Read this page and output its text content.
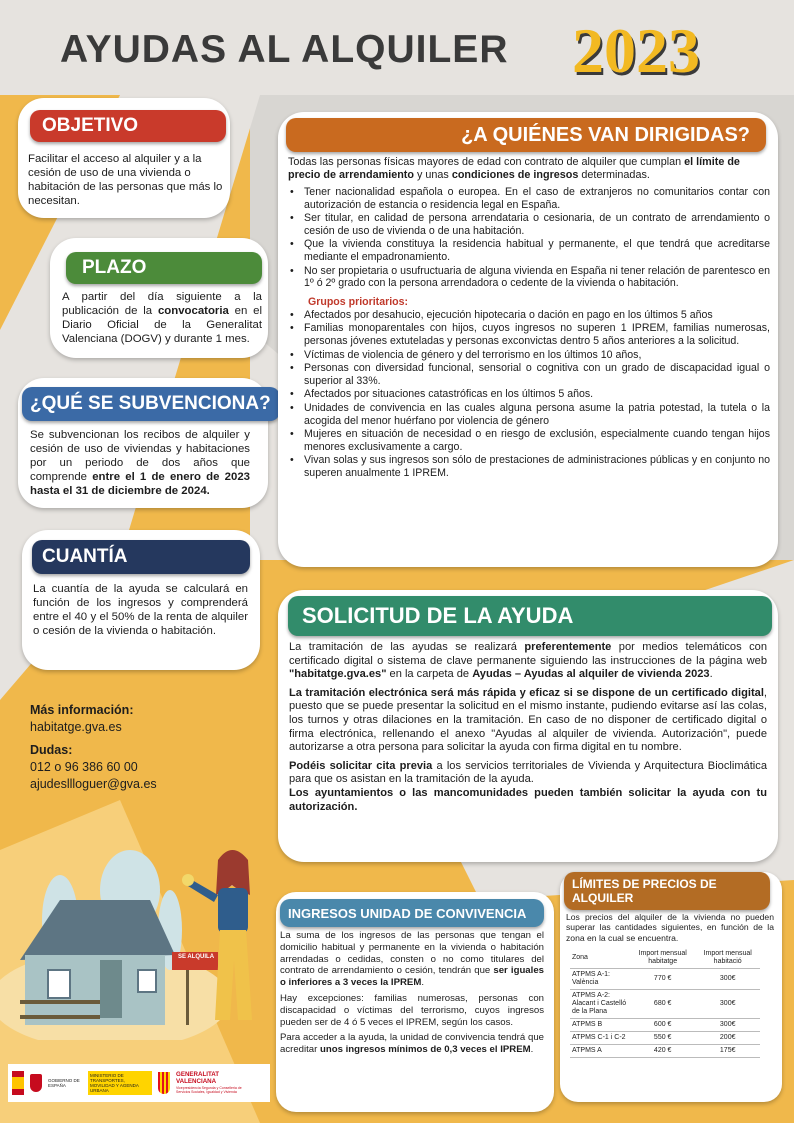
AYUDAS AL ALQUILER 2023
OBJETIVO
Facilitar el acceso al alquiler y a la cesión de uso de una vivienda o habitación de las personas que más lo necesitan.
PLAZO
A partir del día siguiente a la publicación de la convocatoria en el Diario Oficial de la Generalitat Valenciana (DOGV) y durante 1 mes.
¿QUÉ SE SUBVENCIONA?
Se subvencionan los recibos de alquiler y cesión de uso de viviendas y habitaciones por un periodo de dos años que comprende entre el 1 de enero de 2023 hasta el 31 de diciembre de 2024.
CUANTÍA
La cuantía de la ayuda se calculará en función de los ingresos y comprenderá entre el 40 y el 50% de la renta de alquiler o cesión de la vivienda o habitación.
Más información:
habitatge.gva.es
Dudas:
012 o 96 386 60 00
ajudesllloguer@gva.es
¿A QUIÉNES VAN DIRIGIDAS?
Todas las personas físicas mayores de edad con contrato de alquiler que cumplan el límite de precio de arrendamiento y unas condiciones de ingresos determinadas.
• Tener nacionalidad española o europea. En el caso de extranjeros no comunitarios contar con autorización de estancia o residencia legal en España.
• Ser titular, en calidad de persona arrendataria o cesionaria, de un contrato de arrendamiento o cesión de uso de vivienda o de una habitación.
• Que la vivienda constituya la residencia habitual y permanente, el que tendrá que acreditarse mediante el empadronamiento.
• No ser propietaria o usufructuaria de alguna vivienda en España ni tener relación de parentesco en 1º ó 2º grado con la persona arrendadora o cedente de la vivienda o habitación.
Grupos prioritarios:
• Afectados por desahucio, ejecución hipotecaria o dación en pago en los últimos 5 años
• Familias monoparentales con hijos, cuyos ingresos no superen 1 IPREM, familias numerosas, personas jóvenes extuteladas y personas exconvictas dentro 5 años anteriores a la solicitud.
• Víctimas de violencia de género y del terrorismo en los últimos 10 años,
• Personas con diversidad funcional, sensorial o cognitiva con un grado de discapacidad igual o superior al 33%.
• Afectados por situaciones catastróficas en los últimos 5 años.
• Unidades de convivencia en las cuales alguna persona asume la patria potestad, la tutela o la acogida del menor huérfano por violencia de género
• Mujeres en situación de necesidad o en riesgo de exclusión, especialmente cuando tengan hijos menores exclusivamente a cargo.
• Vivan solas y sus ingresos son sólo de prestaciones de administraciones públicas y en conjunto no superen anualmente 1 IPREM.
SOLICITUD DE LA AYUDA

La tramitación de las ayudas se realizará preferentemente por medios telemáticos con certificado digital o sistema de clave permanente siguiendo las instrucciones de la página web "habitatge.gva.es" en la carpeta de Ayudas – Ayudas al alquiler de vivienda 2023.

La tramitación electrónica será más rápida y eficaz si se dispone de un certificado digital, puesto que se puede presentar la solicitud en el mismo instante, pudiendo evitarse así las colas, los turnos y otras dilaciones en la tramitación. En caso de no disponer de certificado digital o firma electrónica, rellenando el anexo "Ayudas al alquiler de vivienda. Autorización", puede autorizarse a otra persona para solicitar la ayuda con firma digital en tu nombre.

Podéis solicitar cita previa a los servicios territoriales de Vivienda y Arquitectura Bioclimática para que os asistan en la tramitación de la ayuda.

Los ayuntamientos o las mancomunidades pueden también solicitar la ayuda con tu autorización.

SE ALQUILA
INGRESOS UNIDAD DE CONVIVENCIA

La suma de los ingresos de las personas que tengan el domicilio habitual y permanente en la vivienda o habitación arrendadas o cedidas, consten o no como titulares del contrato de arrendamiento o cesión, tendrán que ser iguales o inferiores a 3 veces la IPREM.

Hay excepciones: familias numerosas, personas con discapacidad o víctimas del terrorismo, cuyos ingresos pueden ser de 4 ó 5 veces el IPREM, según los casos.

Para acceder a la ayuda, la unidad de convivencia tendrá que acreditar unos ingresos mínimos de 0,3 veces el IPREM.

LÍMITES DE PRECIOS DE ALQUILER
Los precios del alquiler de la vivienda no pueden superar las cantidades siguientes, en función de la zona en la cual se encuentra.
Zona	Import mensual habitatge	Import mensual habitació
ATPMS A-1: València	770 €	300€
ATPMS A-2: Alacant i Castelló de la Plana	680 €	300€
ATPMS B	600 €	300€
ATPMS C-1 i C-2	550 €	200€
ATPMS A	420 €	175€
GOBIERNO DE ESPAÑA
MINISTERIO DE TRANSPORTES, MOVILIDAD Y AGENDA URBANA
GENERALITAT VALENCIANA
Vicepresidencia Segunda y Conselleria de Servicios Sociales, Igualdad y Vivienda
